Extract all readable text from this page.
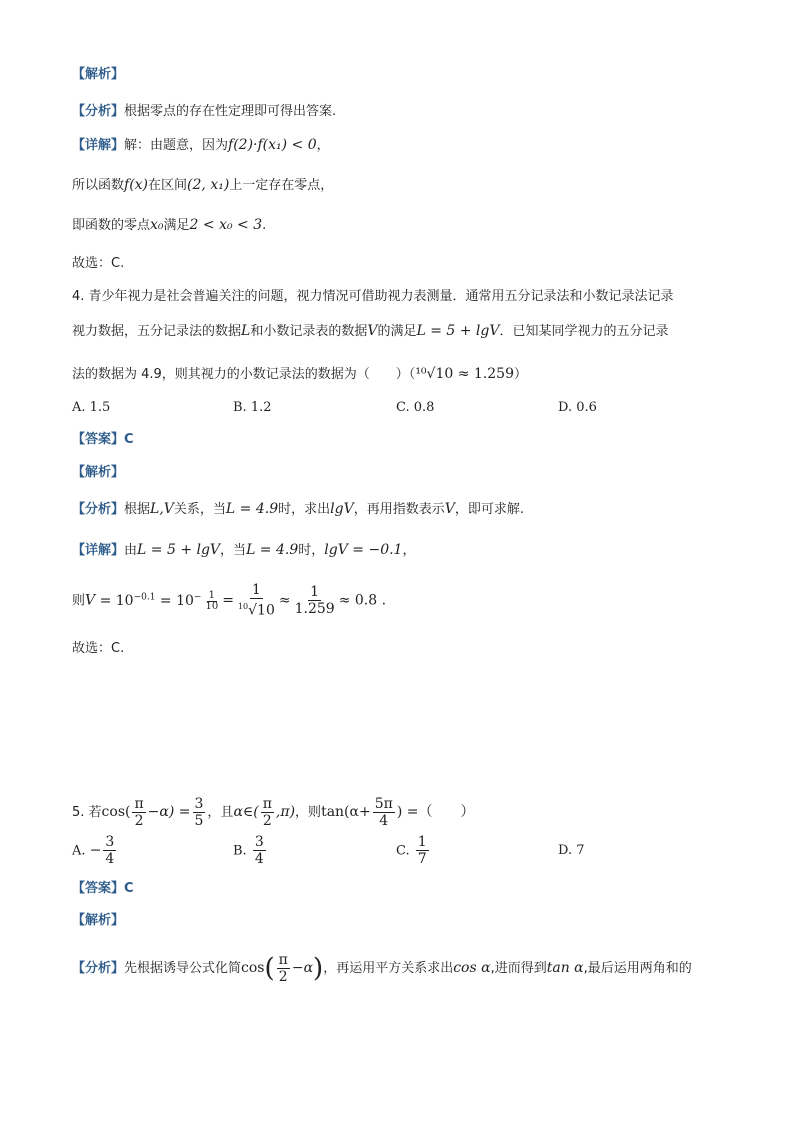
【解析】
【分析】根据零点的存在性定理即可得出答案.
【详解】解：由题意，因为f(2)·f(x₁) < 0，
所以函数f(x)在区间(2, x₁)上一定存在零点，
即函数的零点x₀满足2 < x₀ < 3.
故选：C.
4. 青少年视力是社会普遍关注的问题，视力情况可借助视力表测量．通常用五分记录法和小数记录法记录
视力数据，五分记录法的数据L和小数记录表的数据V的满足L = 5 + lgV．已知某同学视力的五分记录
法的数据为 4.9，则其视力的小数记录法的数据为（　　）（¹⁰√10 ≈ 1.259）
A. 1.5	B. 1.2	C. 0.8	D. 0.6
【答案】C
【解析】
【分析】根据L,V关系，当L = 4.9时，求出lgV，再用指数表示V，即可求解.
【详解】由L = 5 + lgV，当L = 4.9时，lgV = −0.1，
则$V = 10^{-0.1} = 10^- \frac{1}{10} = \frac{1}{^{10}√10} \approx \frac{1}{1.259} \approx 0.8$ .
故选：C.
5. 若$\cos( \frac{\pi}{2} -\alpha) = \frac{3}{5}$ ，且α∈( $\frac{\pi}{2} ,\pi$)，则$\tan(\alpha+ \frac{5\pi}{4}$ ) =（　　）
A. − $\frac{3}{4}$	B. $\frac{3}{4}$	C. $\frac{1}{7}$	D. 7
【答案】C
【解析】
【分析】先根据诱导公式化简$\cos( \frac{\pi}{2} -\alpha)$，再运用平方关系求出cos α,进而得到tan α,最后运用两角和的
